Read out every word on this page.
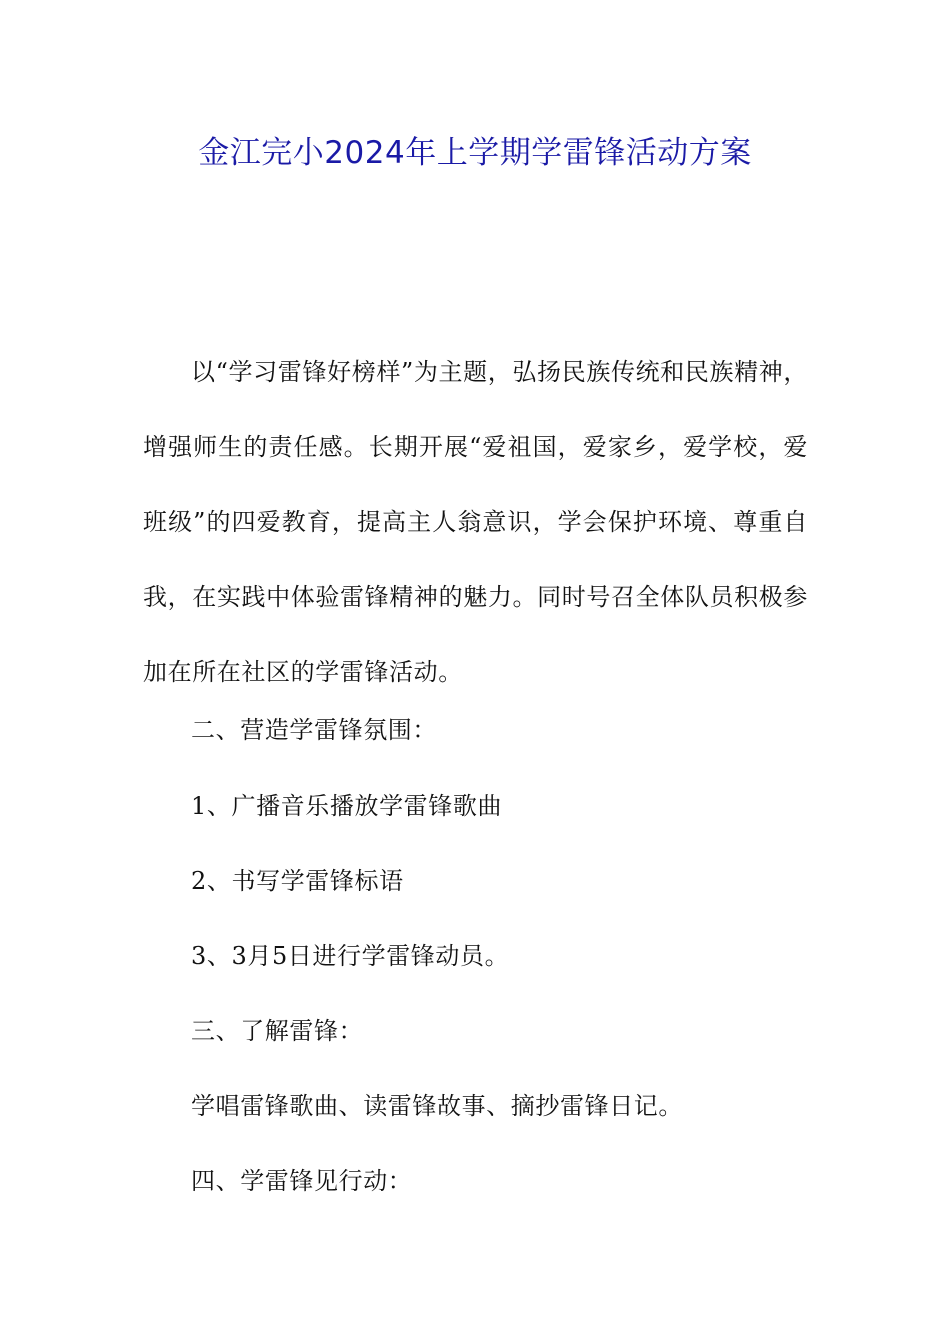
金江完小2024年上学期学雷锋活动方案
以“学习雷锋好榜样”为主题，弘扬民族传统和民族精神，增强师生的责任感。长期开展“爱祖国，爱家乡，爱学校，爱班级”的四爱教育，提高主人翁意识，学会保护环境、尊重自我，在实践中体验雷锋精神的魅力。同时号召全体队员积极参加在所在社区的学雷锋活动。
二、营造学雷锋氛围：
1、广播音乐播放学雷锋歌曲
2、书写学雷锋标语
3、3月5日进行学雷锋动员。
三、了解雷锋：
学唱雷锋歌曲、读雷锋故事、摘抄雷锋日记。
四、学雷锋见行动：
